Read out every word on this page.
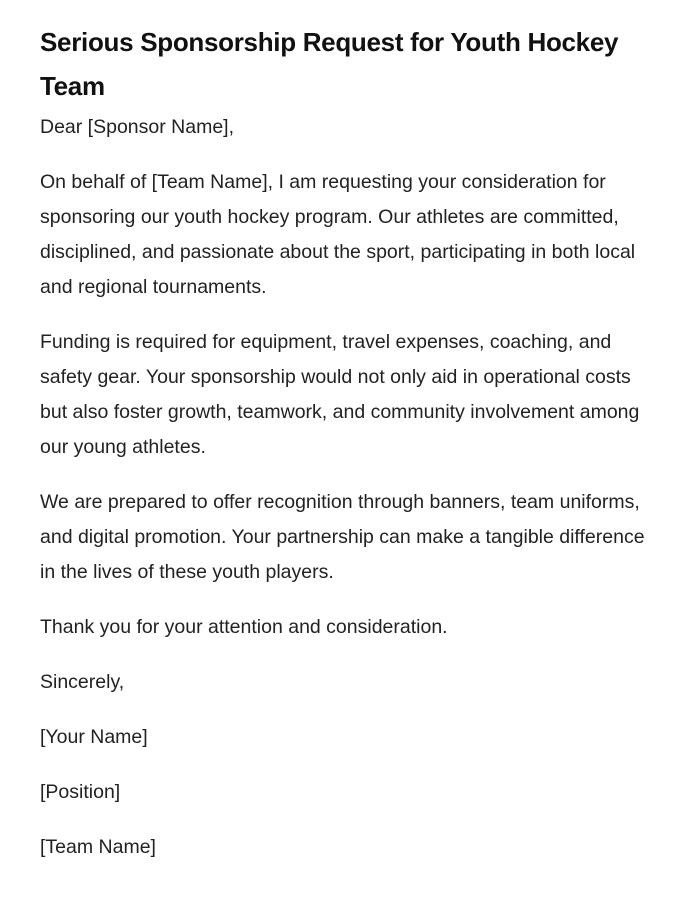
Serious Sponsorship Request for Youth Hockey Team

Dear [Sponsor Name],

On behalf of [Team Name], I am requesting your consideration for sponsoring our youth hockey program. Our athletes are committed, disciplined, and passionate about the sport, participating in both local and regional tournaments.

Funding is required for equipment, travel expenses, coaching, and safety gear. Your sponsorship would not only aid in operational costs but also foster growth, teamwork, and community involvement among our young athletes.

We are prepared to offer recognition through banners, team uniforms, and digital promotion. Your partnership can make a tangible difference in the lives of these youth players.

Thank you for your attention and consideration.

Sincerely,

[Your Name]

[Position]

[Team Name]
